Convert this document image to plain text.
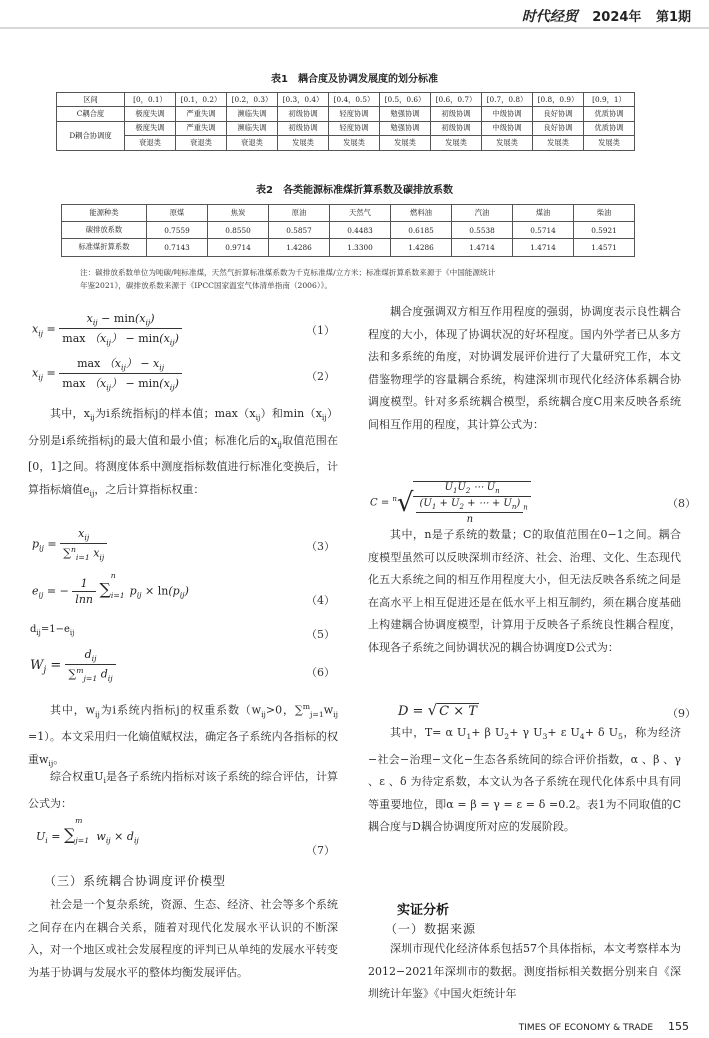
时代经贸 2024年 第1期
表1　耦合度及协调发展度的划分标准
区间	[0，0.1）	[0.1，0.2）	[0.2，0.3）	[0.3，0.4）	[0.4，0.5）	[0.5，0.6）	[0.6，0.7）	[0.7，0.8）	[0.8，0.9）	[0.9，1）
C耦合度	极度失调	严重失调	濒临失调	初级协调	轻度协调	勉强协调	初级协调	中级协调	良好协调	优质协调
D耦合协调度	极度失调	严重失调	濒临失调	初级协调	轻度协调	勉强协调	初级协调	中级协调	良好协调	优质协调
	衰退类	衰退类	衰退类	发展类	发展类	发展类	发展类	发展类	发展类	发展类
表2　各类能源标准煤折算系数及碳排放系数
能源种类	原煤	焦炭	原油	天然气	燃料油	汽油	煤油	柴油
碳排放系数	0.7559	0.8550	0.5857	0.4483	0.6185	0.5538	0.5714	0.5921
标准煤折算系数	0.7143	0.9714	1.4286	1.3300	1.4286	1.4714	1.4714	1.4571
注：碳排放系数单位为吨碳/吨标准煤，天然气折算标准煤系数为千克标准煤/立方米；标准煤折算系数来源于《中国能源统计
年鉴2021》，碳排放系数来源于《IPCC国家温室气体清单指南（2006）》。
$x_{ij} = \frac{x_{ij} - \min(x_{ij})}{\max (x_{ij}) - \min(x_{ij})}$	（1）
$x_{ij} = \frac{\max (x_{ij}) - x_{ij}}{\max (x_{ij}) - \min(x_{ij})}$	（2）
其中，$x_{ij}$为i系统指标j的样本值；$\max(x_{ij})$和$\min(x_{ij})$分别是i系统指标j的最大值和最小值；标准化后的$x_{ij}$取值范围在[0，1]之间。将测度体系中测度指标数值进行标准化变换后，计算指标熵值$e_{ij}$，之后计算指标权重：
$p_{ij} = \frac{x_{ij}}{\sum^n_{i=1} x_{ij}}$	（3）
$e_{ij}$ = − $\frac{1}{\ln n} \sum_{i=1}^np_{ij} \times \ln(p_{ij})$
（4）
$d_{ij}=1-e_{ij}$	（5）
$W_j = \frac{d_{ij}}{\sum^m_{j=1} d_{ij}}$	（6）
其中，$w_{ij}$为i系统内指标j的权重系数（$w_{ij}>0$，$\sum^m_{j=1}w_{ij} =1$）。本文采用归一化熵值赋权法，确定各子系统内各指标的权重$w_{ij}$。
综合权重$U_i$是各子系统内指标对该子系统的综合评估，计算公式为：
$U_i = \sum_{j=1}^mw_{ij} \times d_{ij}$
（7）
（三）系统耦合协调度评价模型
社会是一个复杂系统，资源、生态、经济、社会等多个系统之间存在内在耦合关系，随着对现代化发展水平认识的不断深入，对一个地区或社会发展程度的评判已从单纯的发展水平转变为基于协调与发展水平的整体均衡发展评估。
耦合度强调双方相互作用程度的强弱，协调度表示良性耦合程度的大小，体现了协调状况的好坏程度。国内外学者已从多方法和多系统的角度，对协调发展评价进行了大量研究工作，本文借鉴物理学的容量耦合系统，构建深圳市现代化经济体系耦合协调度模型。针对多系统耦合模型，系统耦合度C用来反映各系统间相互作用的程度，其计算公式为：
$C = ^n√ \frac{U_1U_2 \cdots U_n}{\frac{(U_1 + U_2 + \cdots + U_n)}{n} ^n}$	（8）
其中，n是子系统的数量；C的取值范围在0−1之间。耦合度模型虽然可以反映深圳市经济、社会、治理、文化、生态现代化五大系统之间的相互作用程度大小，但无法反映各系统之间是在高水平上相互促进还是在低水平上相互制约，须在耦合度基础上构建耦合协调度模型，计算用于反映各子系统良性耦合程度，体现各子系统之间协调状况的耦合协调度D公式为：
D = √ C × T	（9）
其中，T= α $U_1+ \beta$ $U_2+ \gamma$ $U_3+ \varepsilon$ $U_4+ \delta$ $U_5$，称为经济−社会−治理−文化−生态各系统间的综合评价指数，α 、β 、γ 、ε 、δ 为待定系数，本文认为各子系统在现代化体系中具有同等重要地位，即α = β = γ = ε = δ =0.2。表1为不同取值的C耦合度与D耦合协调度所对应的发展阶段。
实证分析
（一）数据来源
深圳市现代化经济体系包括57个具体指标，本文考察样本为2012−2021年深圳市的数据。测度指标相关数据分别来自《深圳统计年鉴》《中国火炬统计年
TIMES OF ECONOMY & TRADE 155
